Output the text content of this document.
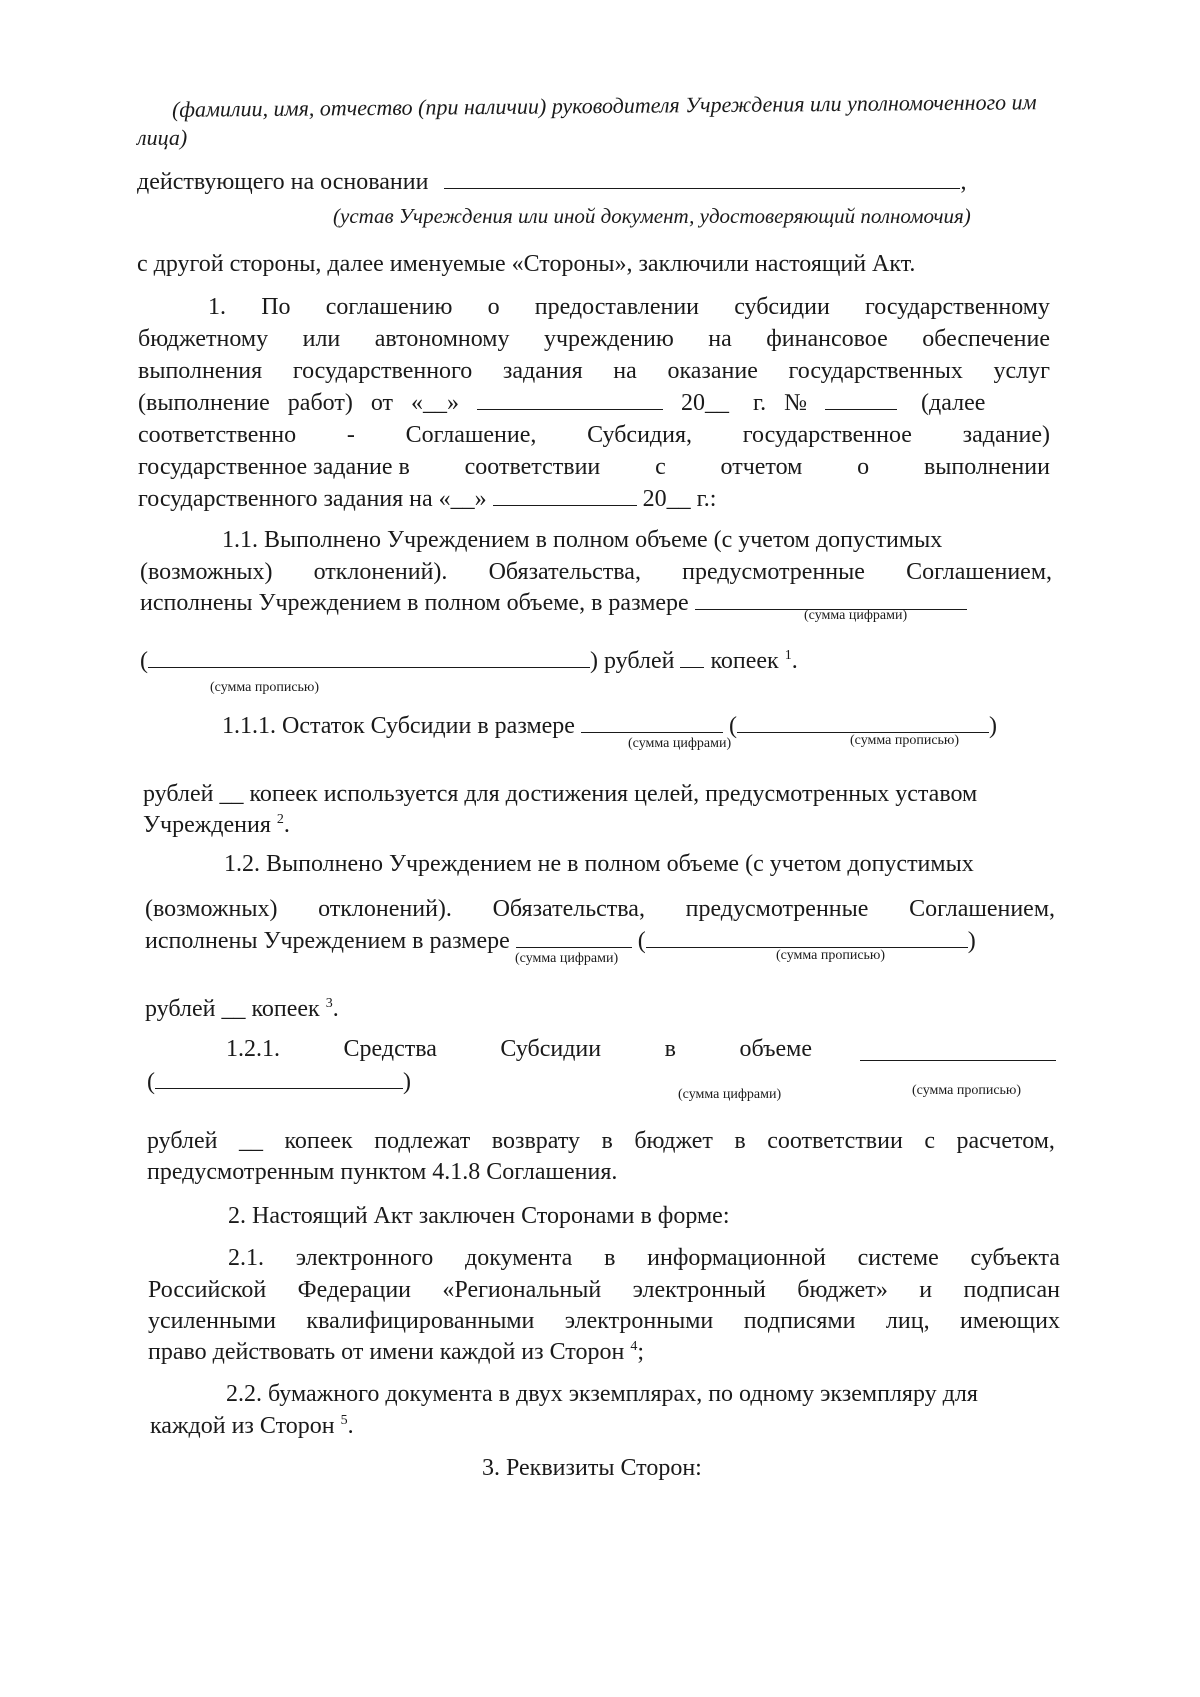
(фамилии, имя, отчество (при наличии) руководителя Учреждения или уполномоченного им

лица)

действующего на основании	,

(устав Учреждения или иной документ, удостоверяющий полномочия)

с другой стороны, далее именуемые «Стороны», заключили настоящий Акт.

1. По соглашению о предоставлении субсидии государственному
бюджетному или автономному учреждению на финансовое обеспечение
выполнения государственного задания на оказание государственных услуг

(выполнение работ) от «__»	20__ г. №	(далее

соответственно - Соглашение, Субсидия, государственное задание)
государственное задание в соответствии с отчетом о выполнении

государственного задания на «__»	20__ г.:

1.1. Выполнено Учреждением в полном объеме (с учетом допустимых

(возможных) отклонений). Обязательства, предусмотренные Соглашением,

исполнены Учреждением в полном объеме, в размере	(сумма цифрами)

(	) рублей копеек $^1$.

(сумма прописью)

1.1.1. Остаток Субсидии в размере	(	)

(сумма цифрами)	(сумма прописью)

рублей __ копеек используется для достижения целей, предусмотренных уставом

Учреждения $^2$.

1.2. Выполнено Учреждением не в полном объеме (с учетом допустимых

(возможных) отклонений). Обязательства, предусмотренные Соглашением,

исполнены Учреждением в размере	(	)

(сумма цифрами)	(сумма прописью)

рублей __ копеек $^3$.

1.2.1.	Средства	Субсидии	в	объеме

(	)	(сумма цифрами)	(сумма прописью)

рублей __ копеек подлежат возврату в бюджет в соответствии с расчетом,

предусмотренным пунктом 4.1.8 Соглашения.

2. Настоящий Акт заключен Сторонами в форме:

2.1. электронного документа в информационной системе субъекта
Российской Федерации «Региональный электронный бюджет» и подписан
усиленными квалифицированными электронными подписями лиц, имеющих

право действовать от имени каждой из Сторон $^4$;

2.2. бумажного документа в двух экземплярах, по одному экземпляру для

каждой из Сторон $^5$.

3. Реквизиты Сторон:
